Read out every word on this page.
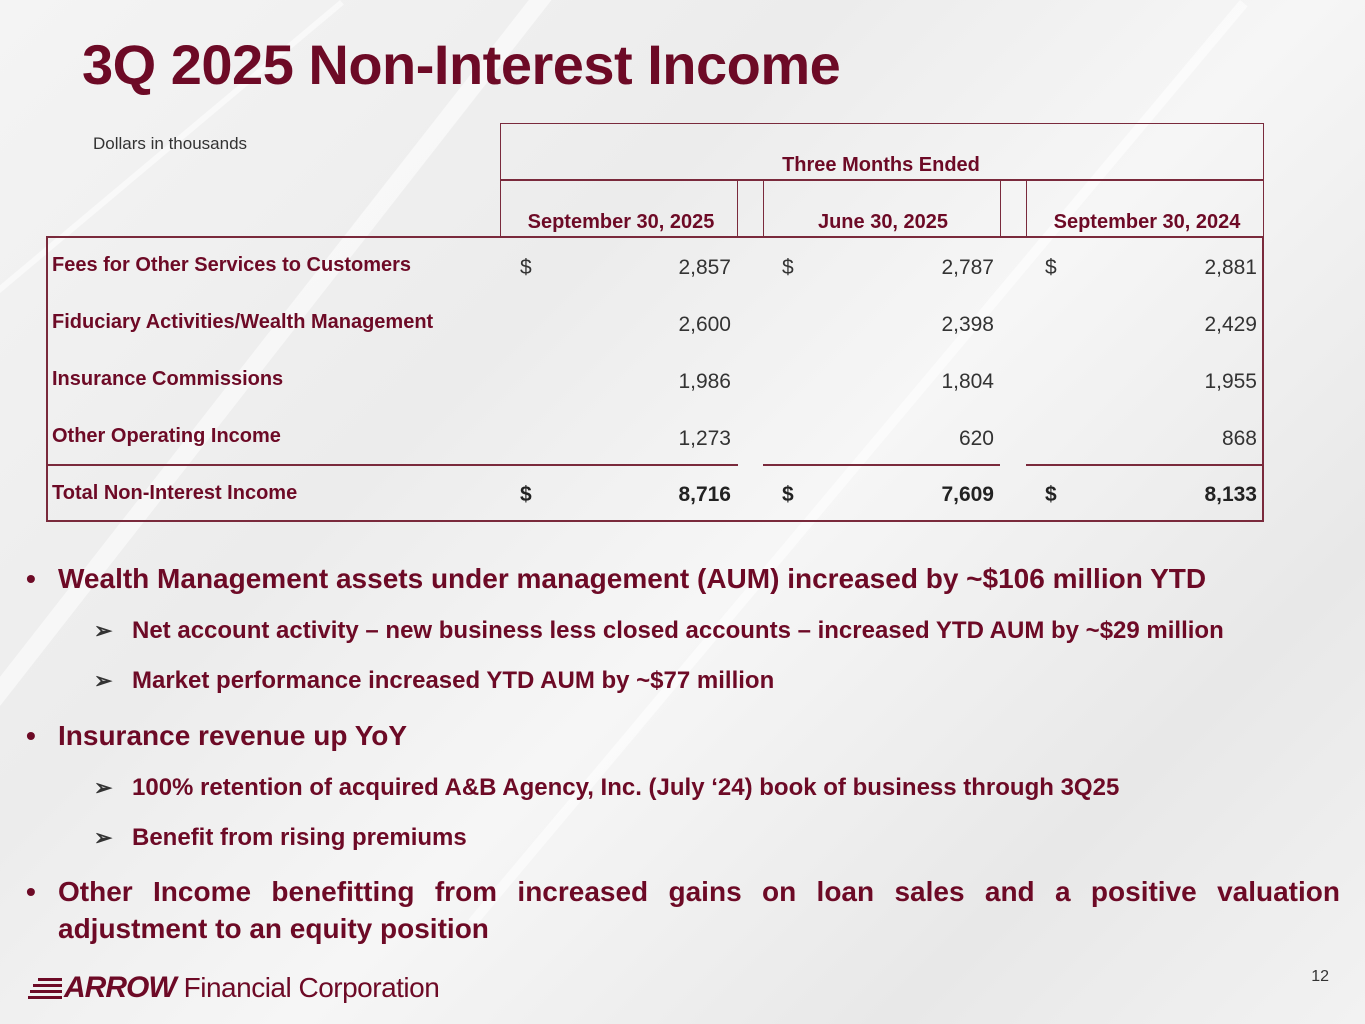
3Q 2025 Non-Interest Income
Dollars in thousands
Three Months Ended
September 30, 2025	June 30, 2025	September 30, 2024
Fees for Other Services to Customers	$	2,857 $	2,787 $	2,881
Fiduciary Activities/Wealth Management	2,600	2,398	2,429
Insurance Commissions	1,986	1,804	1,955
Other Operating Income	1,273	620	868
Total Non-Interest Income	$	8,716 $	7,609 $	8,133
• Wealth Management assets under management (AUM) increased by ~$106 million YTD
➢ Net account activity – new business less closed accounts – increased YTD AUM by ~$29 million
➢ Market performance increased YTD AUM by ~$77 million
• Insurance revenue up YoY
➢ 100% retention of acquired A&B Agency, Inc. (July ‘24) book of business through 3Q25
➢ Benefit from rising premiums
• Other Income benefitting from increased gains on loan sales and a positive valuation adjustment to an equity position
ARROW Financial Corporation	12
